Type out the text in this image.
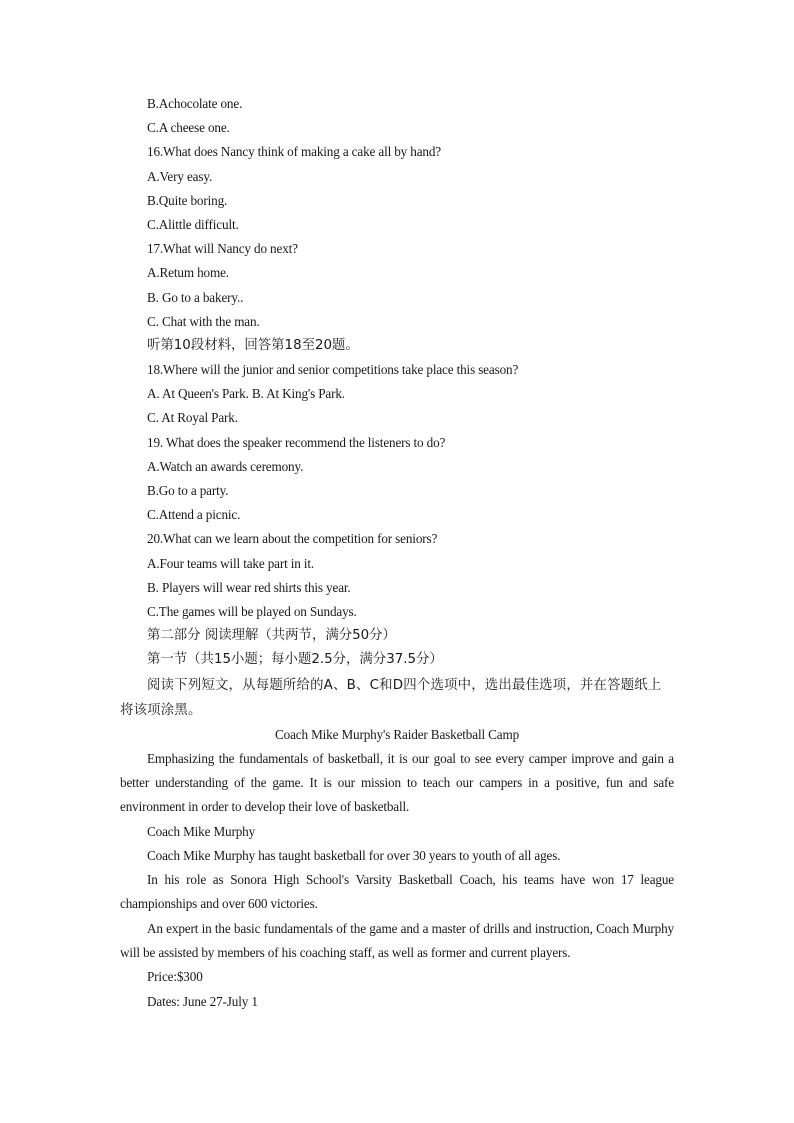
B.Achocolate one.
C.A cheese one.
16.What does Nancy think of making a cake all by hand?
A.Very easy.
B.Quite boring.
C.Alittle difficult.
17.What will Nancy do next?
A.Retum home.
B. Go to a bakery..
C. Chat with the man.
听第10段材料，回答第18至20题。
18.Where will the junior and senior competitions take place this season?
A. At Queen's Park. B. At King's Park.
C. At Royal Park.
19. What does the speaker recommend the listeners to do?
A.Watch an awards ceremony.
B.Go to a party.
C.Attend a picnic.
20.What can we learn about the competition for seniors?
A.Four teams will take part in it.
B. Players will wear red shirts this year.
C.The games will be played on Sundays.
第二部分 阅读理解（共两节，满分50分）
第一节（共15小题；每小题2.5分，满分37.5分）

阅读下列短文，从每题所给的A、B、C和D四个选项中，选出最佳选项，并在答题纸上将该项涂黑。

Coach Mike Murphy's Raider Basketball Camp

Emphasizing the fundamentals of basketball, it is our goal to see every camper improve and gain a better understanding of the game. It is our mission to teach our campers in a positive, fun and safe environment in order to develop their love of basketball.

Coach Mike Murphy

Coach Mike Murphy has taught basketball for over 30 years to youth of all ages.

In his role as Sonora High School's Varsity Basketball Coach, his teams have won 17 league championships and over 600 victories.

An expert in the basic fundamentals of the game and a master of drills and instruction, Coach Murphy will be assisted by members of his coaching staff, as well as former and current players.

Price:$300

Dates: June 27-July 1
